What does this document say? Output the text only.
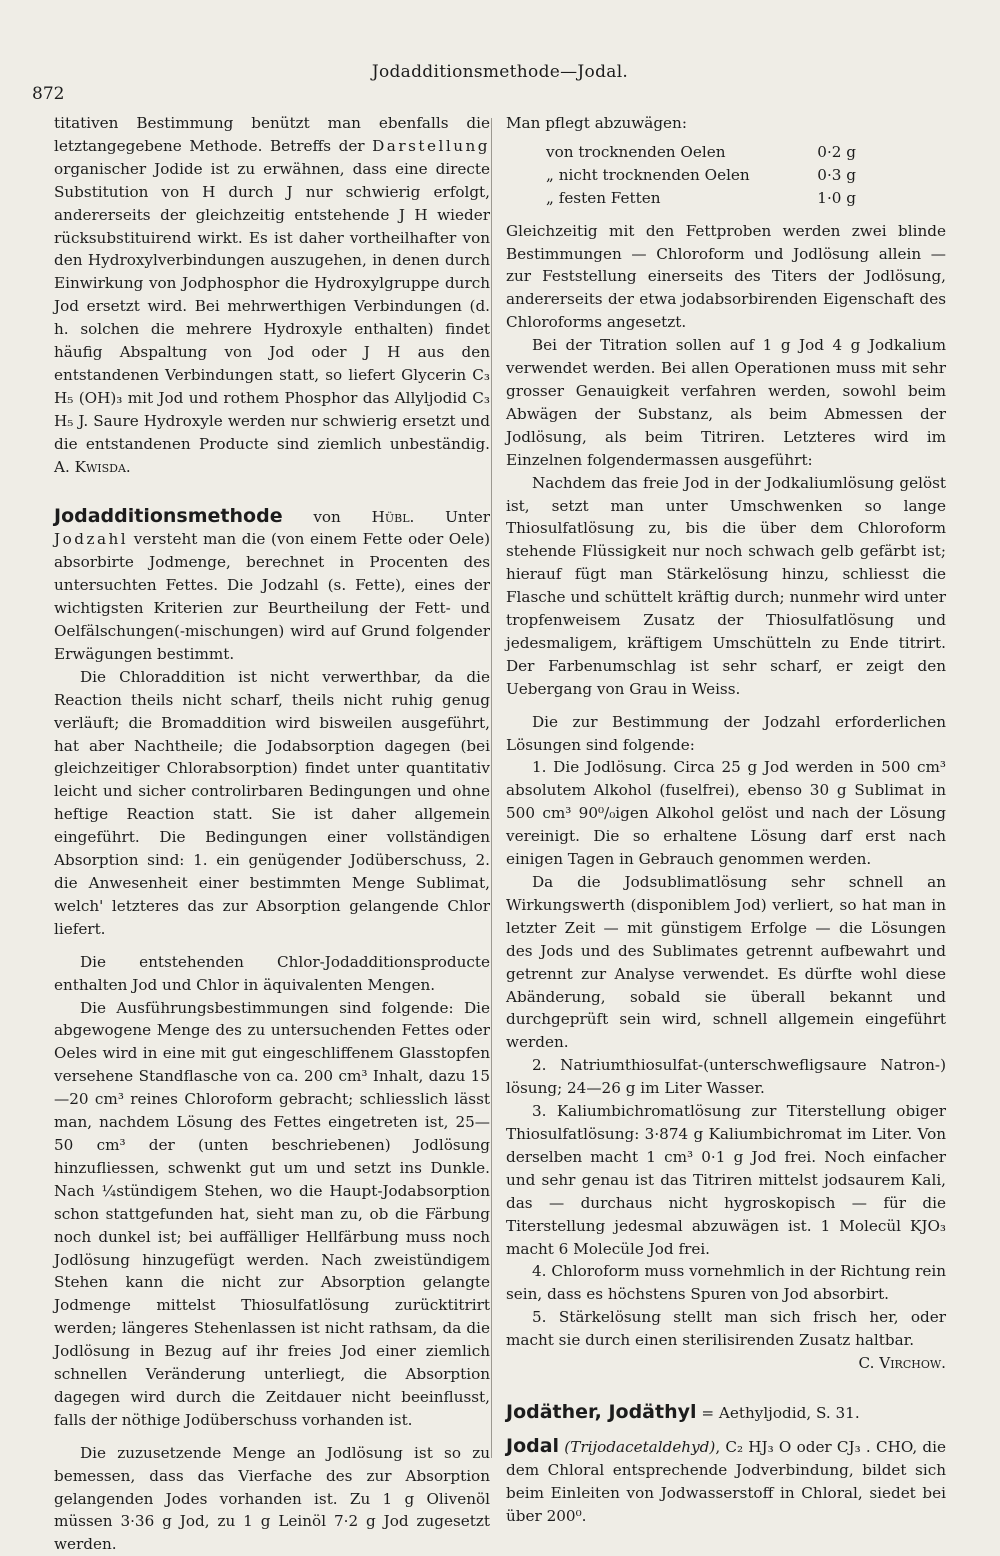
872
Jodadditionsmethode—Jodal.

titativen Bestimmung benützt man ebenfalls die letztangegebene Methode. Betreffs der Darstellung organischer Jodide ist zu erwähnen, dass eine directe Substitution von H durch J nur schwierig erfolgt, andererseits der gleichzeitig entstehende J H wieder rücksubstituirend wirkt. Es ist daher vortheilhafter von den Hydroxylverbindungen auszugehen, in denen durch Einwirkung von Jodphosphor die Hydroxylgruppe durch Jod ersetzt wird. Bei mehrwerthigen Verbindungen (d. h. solchen die mehrere Hydroxyle enthalten) findet häufig Abspaltung von Jod oder J H aus den entstandenen Verbindungen statt, so liefert Glycerin C₃ H₅ (OH)₃ mit Jod und rothem Phosphor das Allyljodid C₃ H₅ J. Saure Hydroxyle werden nur schwierig ersetzt und die entstandenen Producte sind ziemlich unbeständig. A. Kwisda.

Jodadditionsmethode von Hübl. Unter Jodzahl versteht man die (von einem Fette oder Oele) absorbirte Jodmenge, berechnet in Procenten des untersuchten Fettes. Die Jodzahl (s. Fette), eines der wichtigsten Kriterien zur Beurtheilung der Fett- und Oelfälschungen(-mischungen) wird auf Grund folgender Erwägungen bestimmt.

Die Chloraddition ist nicht verwerthbar, da die Reaction theils nicht scharf, theils nicht ruhig genug verläuft; die Bromaddition wird bisweilen ausgeführt, hat aber Nachtheile; die Jodabsorption dagegen (bei gleichzeitiger Chlorabsorption) findet unter quantitativ leicht und sicher controlirbaren Bedingungen und ohne heftige Reaction statt. Sie ist daher allgemein eingeführt. Die Bedingungen einer vollständigen Absorption sind: 1. ein genügender Jodüberschuss, 2. die Anwesenheit einer bestimmten Menge Sublimat, welch' letzteres das zur Absorption gelangende Chlor liefert.

Die entstehenden Chlor-Jodadditionsproducte enthalten Jod und Chlor in äquivalenten Mengen.

Die Ausführungsbestimmungen sind folgende: Die abgewogene Menge des zu untersuchenden Fettes oder Oeles wird in eine mit gut eingeschliffenem Glasstopfen versehene Standflasche von ca. 200 cm³ Inhalt, dazu 15—20 cm³ reines Chloroform gebracht; schliesslich lässt man, nachdem Lösung des Fettes eingetreten ist, 25—50 cm³ der (unten beschriebenen) Jodlösung hinzufliessen, schwenkt gut um und setzt ins Dunkle. Nach ¼stündigem Stehen, wo die Haupt-Jodabsorption schon stattgefunden hat, sieht man zu, ob die Färbung noch dunkel ist; bei auffälliger Hellfärbung muss noch Jodlösung hinzugefügt werden. Nach zweistündigem Stehen kann die nicht zur Absorption gelangte Jodmenge mittelst Thiosulfatlösung zurücktitrirt werden; längeres Stehenlassen ist nicht rathsam, da die Jodlösung in Bezug auf ihr freies Jod einer ziemlich schnellen Veränderung unterliegt, die Absorption dagegen wird durch die Zeitdauer nicht beeinflusst, falls der nöthige Jodüberschuss vorhanden ist.

Die zuzusetzende Menge an Jodlösung ist so zu bemessen, dass das Vierfache des zur Absorption gelangenden Jodes vorhanden ist. Zu 1 g Olivenöl müssen 3·36 g Jod, zu 1 g Leinöl 7·2 g Jod zugesetzt werden.

Man pflegt abzuwägen:

von trocknenden Oelen	0·2 g
„ nicht trocknenden Oelen	0·3 g
„ festen Fetten	1·0 g

Gleichzeitig mit den Fettproben werden zwei blinde Bestimmungen — Chloroform und Jodlösung allein — zur Feststellung einerseits des Titers der Jodlösung, andererseits der etwa jodabsorbirenden Eigenschaft des Chloroforms angesetzt.

Bei der Titration sollen auf 1 g Jod 4 g Jodkalium verwendet werden. Bei allen Operationen muss mit sehr grosser Genauigkeit verfahren werden, sowohl beim Abwägen der Substanz, als beim Abmessen der Jodlösung, als beim Titriren. Letzteres wird im Einzelnen folgendermassen ausgeführt:

Nachdem das freie Jod in der Jodkaliumlösung gelöst ist, setzt man unter Umschwenken so lange Thiosulfatlösung zu, bis die über dem Chloroform stehende Flüssigkeit nur noch schwach gelb gefärbt ist; hierauf fügt man Stärkelösung hinzu, schliesst die Flasche und schüttelt kräftig durch; nunmehr wird unter tropfenweisem Zusatz der Thiosulfatlösung und jedesmaligem, kräftigem Umschütteln zu Ende titrirt. Der Farbenumschlag ist sehr scharf, er zeigt den Uebergang von Grau in Weiss.

Die zur Bestimmung der Jodzahl erforderlichen Lösungen sind folgende:

1. Die Jodlösung. Circa 25 g Jod werden in 500 cm³ absolutem Alkohol (fuselfrei), ebenso 30 g Sublimat in 500 cm³ 90⁰/₀igen Alkohol gelöst und nach der Lösung vereinigt. Die so erhaltene Lösung darf erst nach einigen Tagen in Gebrauch genommen werden.

Da die Jodsublimatlösung sehr schnell an Wirkungswerth (disponiblem Jod) verliert, so hat man in letzter Zeit — mit günstigem Erfolge — die Lösungen des Jods und des Sublimates getrennt aufbewahrt und getrennt zur Analyse verwendet. Es dürfte wohl diese Abänderung, sobald sie überall bekannt und durchgeprüft sein wird, schnell allgemein eingeführt werden.

2. Natriumthiosulfat-(unterschwefligsaure Natron-) lösung; 24—26 g im Liter Wasser.

3. Kaliumbichromatlösung zur Titerstellung obiger Thiosulfatlösung: 3·874 g Kaliumbichromat im Liter. Von derselben macht 1 cm³ 0·1 g Jod frei. Noch einfacher und sehr genau ist das Titriren mittelst jodsaurem Kali, das — durchaus nicht hygroskopisch — für die Titerstellung jedesmal abzuwägen ist. 1 Molecül KJO₃ macht 6 Molecüle Jod frei.

4. Chloroform muss vornehmlich in der Richtung rein sein, dass es höchstens Spuren von Jod absorbirt.

5. Stärkelösung stellt man sich frisch her, oder macht sie durch einen sterilisirenden Zusatz haltbar.

C. Virchow.

Jodäther, Jodäthyl = Aethyljodid, S. 31.

Jodal (Trijodacetaldehyd), C₂ HJ₃ O oder CJ₃ . CHO, die dem Chloral entsprechende Jodverbindung, bildet sich beim Einleiten von Jodwasserstoff in Chloral, siedet bei über 200⁰.
